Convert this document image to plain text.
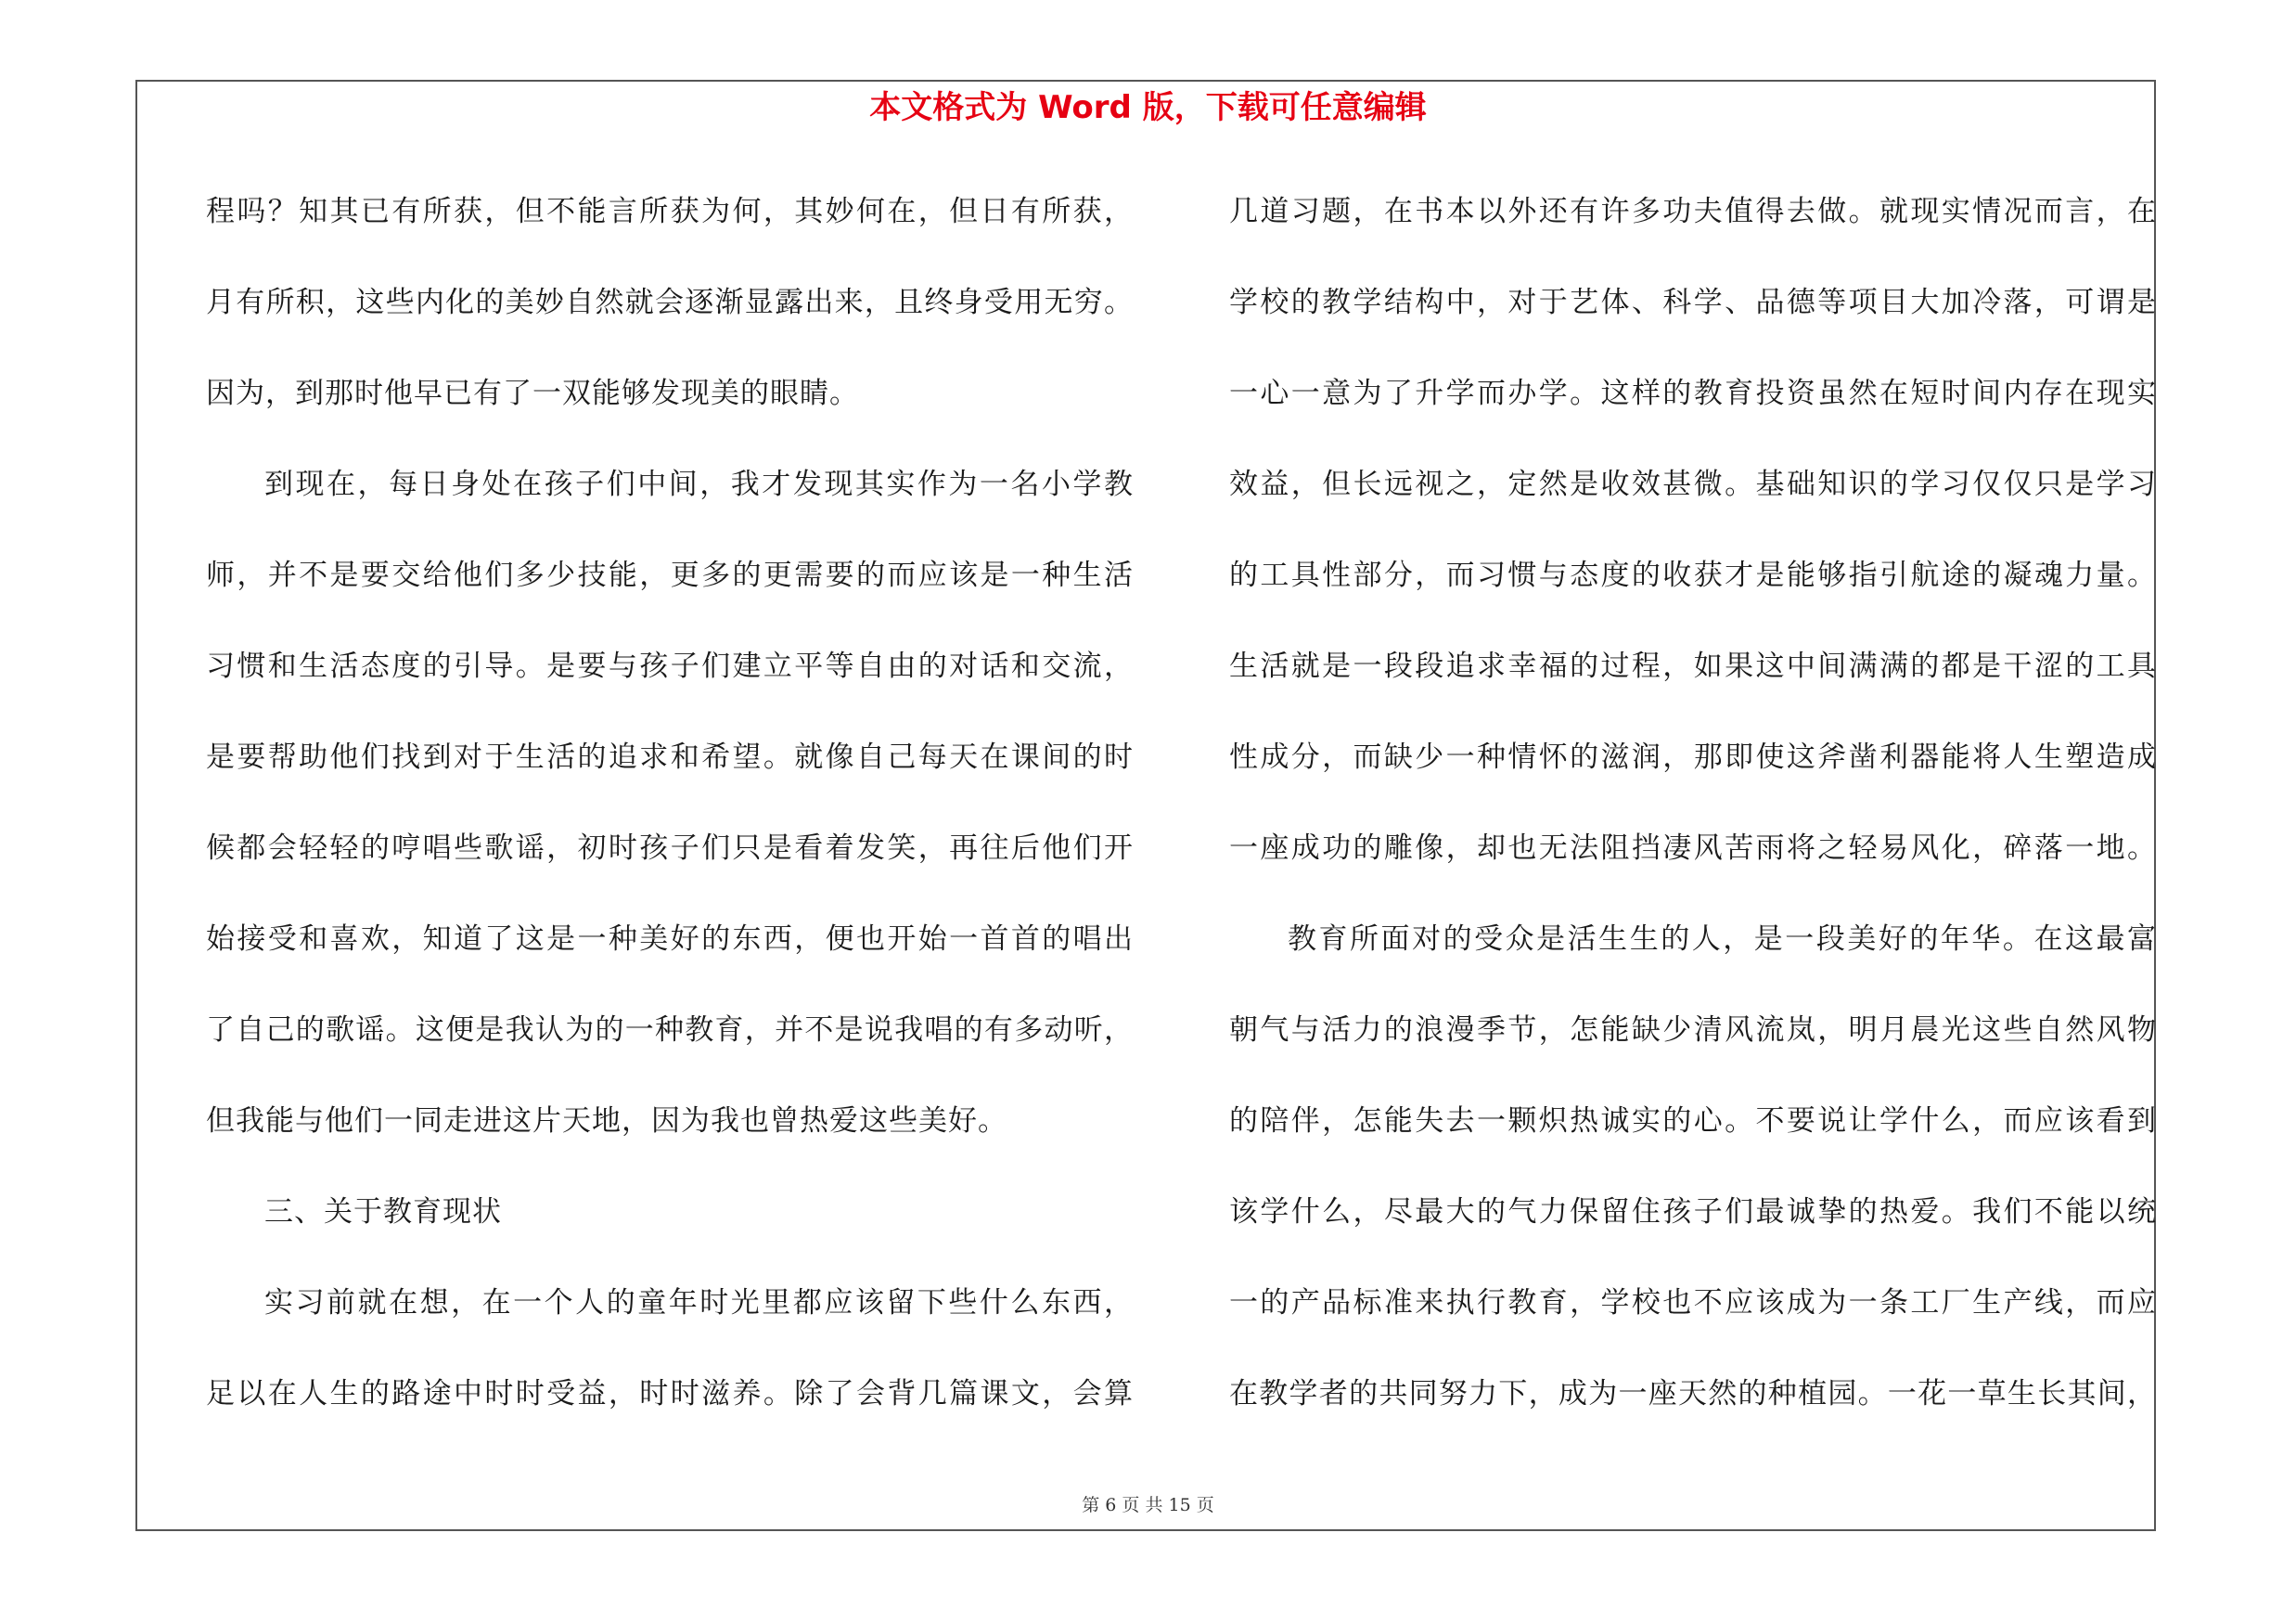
本文格式为 Word 版，下载可任意编辑
程吗？知其已有所获，但不能言所获为何，其妙何在，但日有所获，
月有所积，这些内化的美妙自然就会逐渐显露出来，且终身受用无穷。
因为，到那时他早已有了一双能够发现美的眼睛。
到现在，每日身处在孩子们中间，我才发现其实作为一名小学教
师，并不是要交给他们多少技能，更多的更需要的而应该是一种生活
习惯和生活态度的引导。是要与孩子们建立平等自由的对话和交流，
是要帮助他们找到对于生活的追求和希望。就像自己每天在课间的时
候都会轻轻的哼唱些歌谣，初时孩子们只是看着发笑，再往后他们开
始接受和喜欢，知道了这是一种美好的东西，便也开始一首首的唱出
了自己的歌谣。这便是我认为的一种教育，并不是说我唱的有多动听，
但我能与他们一同走进这片天地，因为我也曾热爱这些美好。
三、关于教育现状
实习前就在想，在一个人的童年时光里都应该留下些什么东西，
足以在人生的路途中时时受益，时时滋养。除了会背几篇课文，会算
几道习题，在书本以外还有许多功夫值得去做。就现实情况而言，在
学校的教学结构中，对于艺体、科学、品德等项目大加冷落，可谓是
一心一意为了升学而办学。这样的教育投资虽然在短时间内存在现实
效益，但长远视之，定然是收效甚微。基础知识的学习仅仅只是学习
的工具性部分，而习惯与态度的收获才是能够指引航途的凝魂力量。
生活就是一段段追求幸福的过程，如果这中间满满的都是干涩的工具
性成分，而缺少一种情怀的滋润，那即使这斧凿利器能将人生塑造成
一座成功的雕像，却也无法阻挡凄风苦雨将之轻易风化，碎落一地。
教育所面对的受众是活生生的人，是一段美好的年华。在这最富
朝气与活力的浪漫季节，怎能缺少清风流岚，明月晨光这些自然风物
的陪伴，怎能失去一颗炽热诚实的心。不要说让学什么，而应该看到
该学什么，尽最大的气力保留住孩子们最诚挚的热爱。我们不能以统
一的产品标准来执行教育，学校也不应该成为一条工厂生产线，而应
在教学者的共同努力下，成为一座天然的种植园。一花一草生长其间，
第 6 页 共 15 页
